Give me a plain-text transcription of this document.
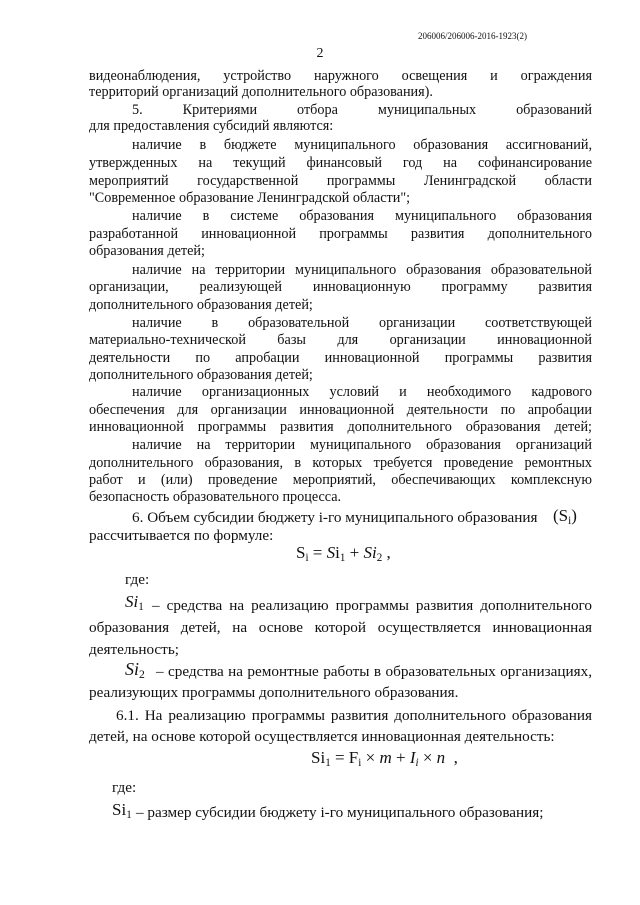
206006/206006-2016-1923(2)
2
видеонаблюдения, устройство наружного освещения и ограждения
территорий организаций дополнительного образования).
5. Критериями отбора муниципальных образований
для предоставления субсидий являются:
наличие в бюджете муниципального образования ассигнований,
утвержденных на текущий финансовый год на софинансирование
мероприятий государственной программы Ленинградской области
"Современное образование Ленинградской области";
наличие в системе образования муниципального образования
разработанной инновационной программы развития дополнительного
образования детей;
наличие на территории муниципального образования образовательной
организации, реализующей инновационную программу развития
дополнительного образования детей;
наличие в образовательной организации соответствующей
материально-технической базы для организации инновационной
деятельности по апробации инновационной программы развития
дополнительного образования детей;
наличие организационных условий и необходимого кадрового
обеспечения для организации инновационной деятельности по апробации
инновационной программы развития дополнительного образования детей;
наличие на территории муниципального образования организаций
дополнительного образования, в которых требуется проведение ремонтных
работ и (или) проведение мероприятий, обеспечивающих комплексную
безопасность образовательного процесса.
6. Объем субсидии бюджету i-го муниципального образования $(S_i)$
рассчитывается по формуле:
$S_i = Si_1 + Si_2$ ,
где:
$Si_1$ – средства на реализацию программы развития дополнительного
образования детей, на основе которой осуществляется инновационная
деятельность;
$Si_2$ – средства на ремонтные работы в образовательных организациях,
реализующих программы дополнительного образования.
6.1. На реализацию программы развития дополнительного образования
детей, на основе которой осуществляется инновационная деятельность:
$Si_1 = F_i \times m + I_i \times n$  ,
где:
$Si_1$ – размер субсидии бюджету i-го муниципального образования;
